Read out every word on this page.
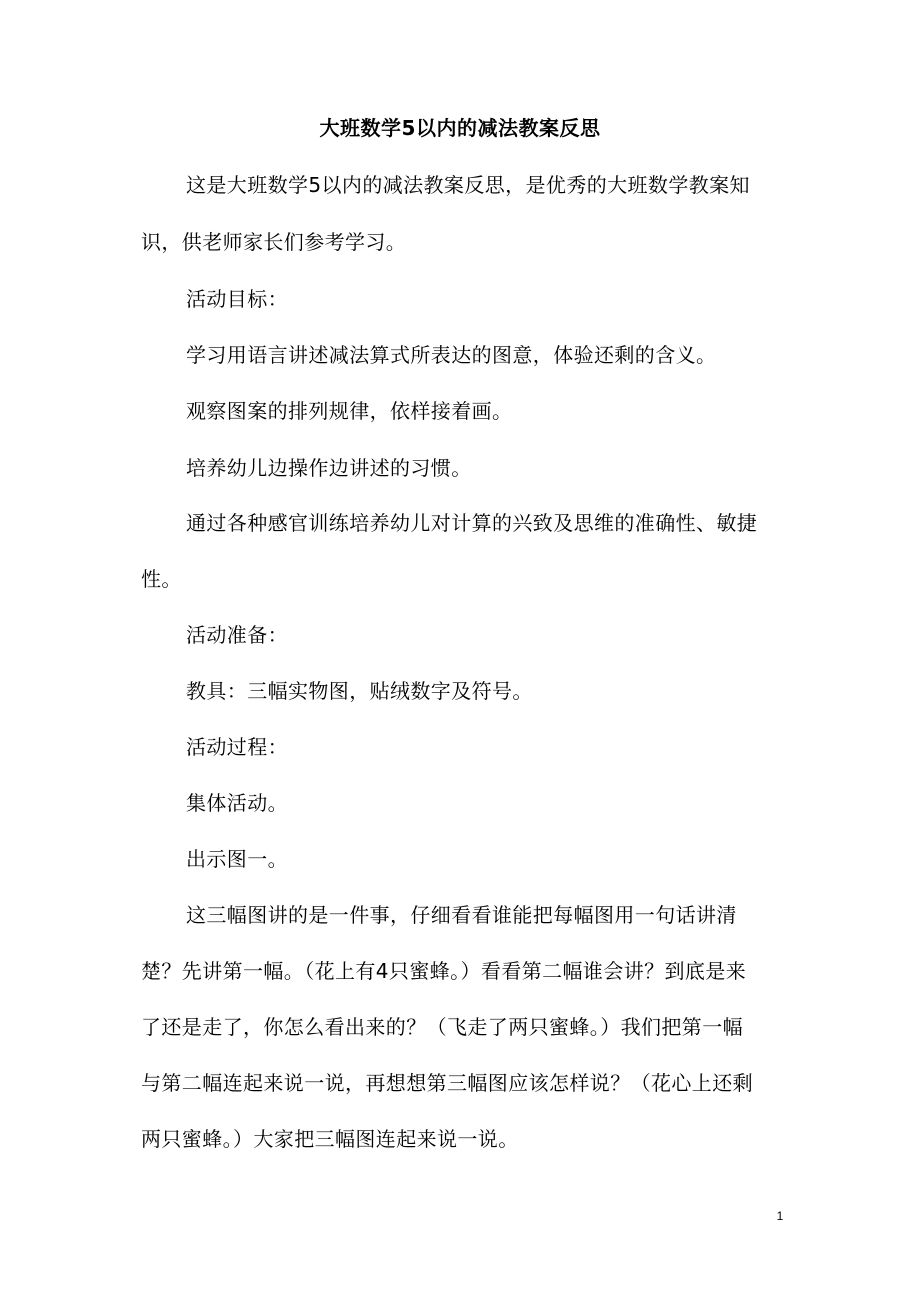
大班数学5以内的减法教案反思
这是大班数学5以内的减法教案反思，是优秀的大班数学教案知
识，供老师家长们参考学习。
活动目标：
学习用语言讲述减法算式所表达的图意，体验还剩的含义。
观察图案的排列规律，依样接着画。
培养幼儿边操作边讲述的习惯。
通过各种感官训练培养幼儿对计算的兴致及思维的准确性、敏捷
性。
活动准备：
教具：三幅实物图，贴绒数字及符号。
活动过程：
集体活动。
出示图一。
这三幅图讲的是一件事，仔细看看谁能把每幅图用一句话讲清
楚？先讲第一幅。（花上有4只蜜蜂。）看看第二幅谁会讲？到底是来
了还是走了，你怎么看出来的？（飞走了两只蜜蜂。）我们把第一幅
与第二幅连起来说一说，再想想第三幅图应该怎样说？（花心上还剩
两只蜜蜂。）大家把三幅图连起来说一说。
1
